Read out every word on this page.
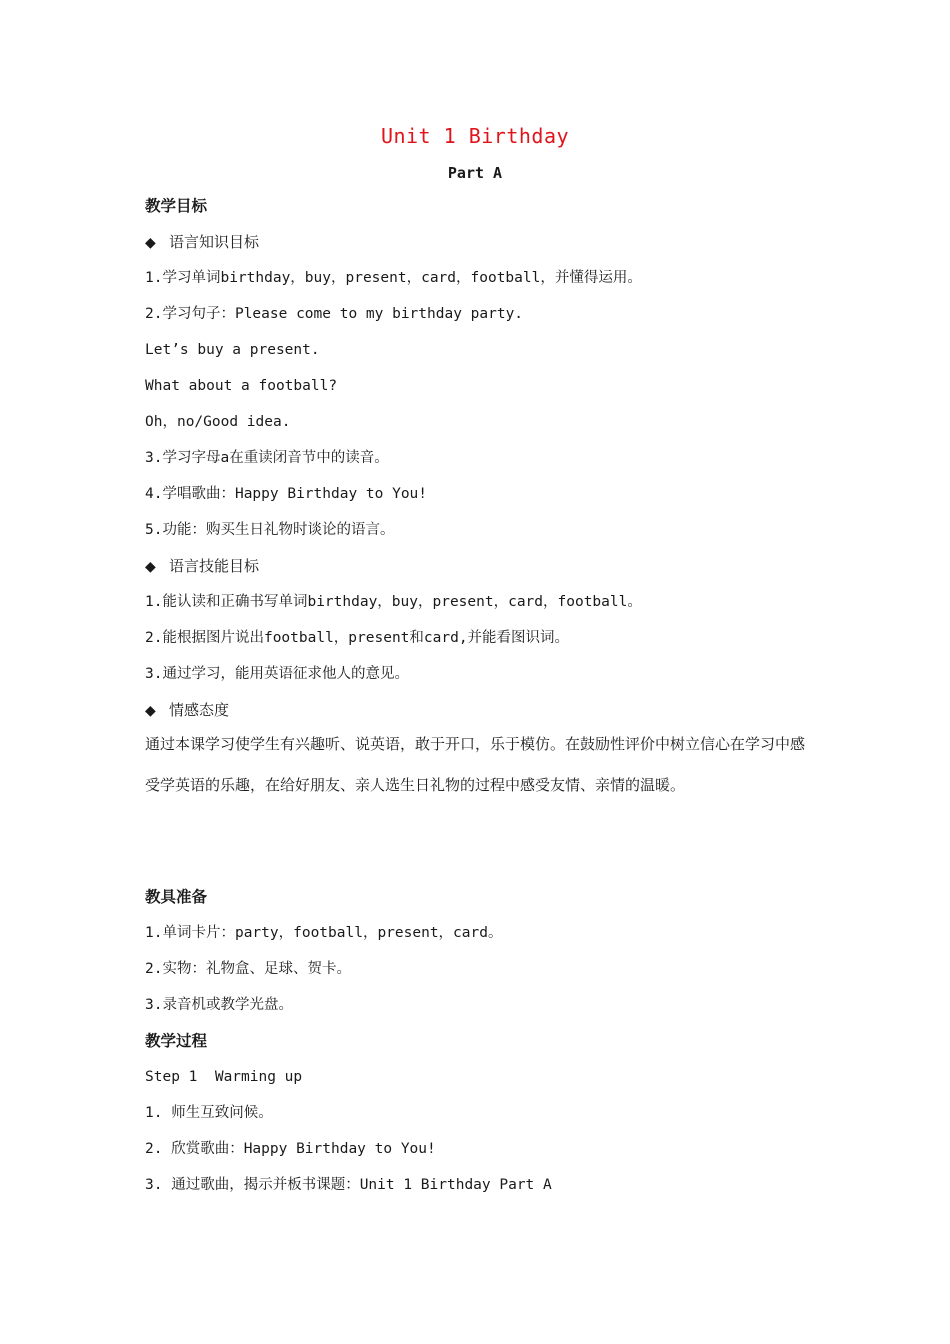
Unit 1 Birthday
Part A
教学目标
◆ 语言知识目标
1.学习单词birthday，buy，present，card，football，并懂得运用。
2.学习句子：Please come to my birthday party.
Let’s buy a present.
What about a football?
Oh，no/Good idea.
3.学习字母a在重读闭音节中的读音。
4.学唱歌曲：Happy Birthday to You!
5.功能：购买生日礼物时谈论的语言。
◆ 语言技能目标
1.能认读和正确书写单词birthday，buy，present，card，football。
2.能根据图片说出football，present和card,并能看图识词。
3.通过学习，能用英语征求他人的意见。
◆ 情感态度
通过本课学习使学生有兴趣听、说英语，敢于开口，乐于模仿。在鼓励性评价中树立信心在学习中感受学英语的乐趣，在给好朋友、亲人选生日礼物的过程中感受友情、亲情的温暖。
教具准备
1.单词卡片：party，football，present，card。
2.实物：礼物盒、足球、贺卡。
3.录音机或教学光盘。
教学过程
Step 1  Warming up
1. 师生互致问候。
2. 欣赏歌曲：Happy Birthday to You!
3. 通过歌曲，揭示并板书课题：Unit 1 Birthday Part A
